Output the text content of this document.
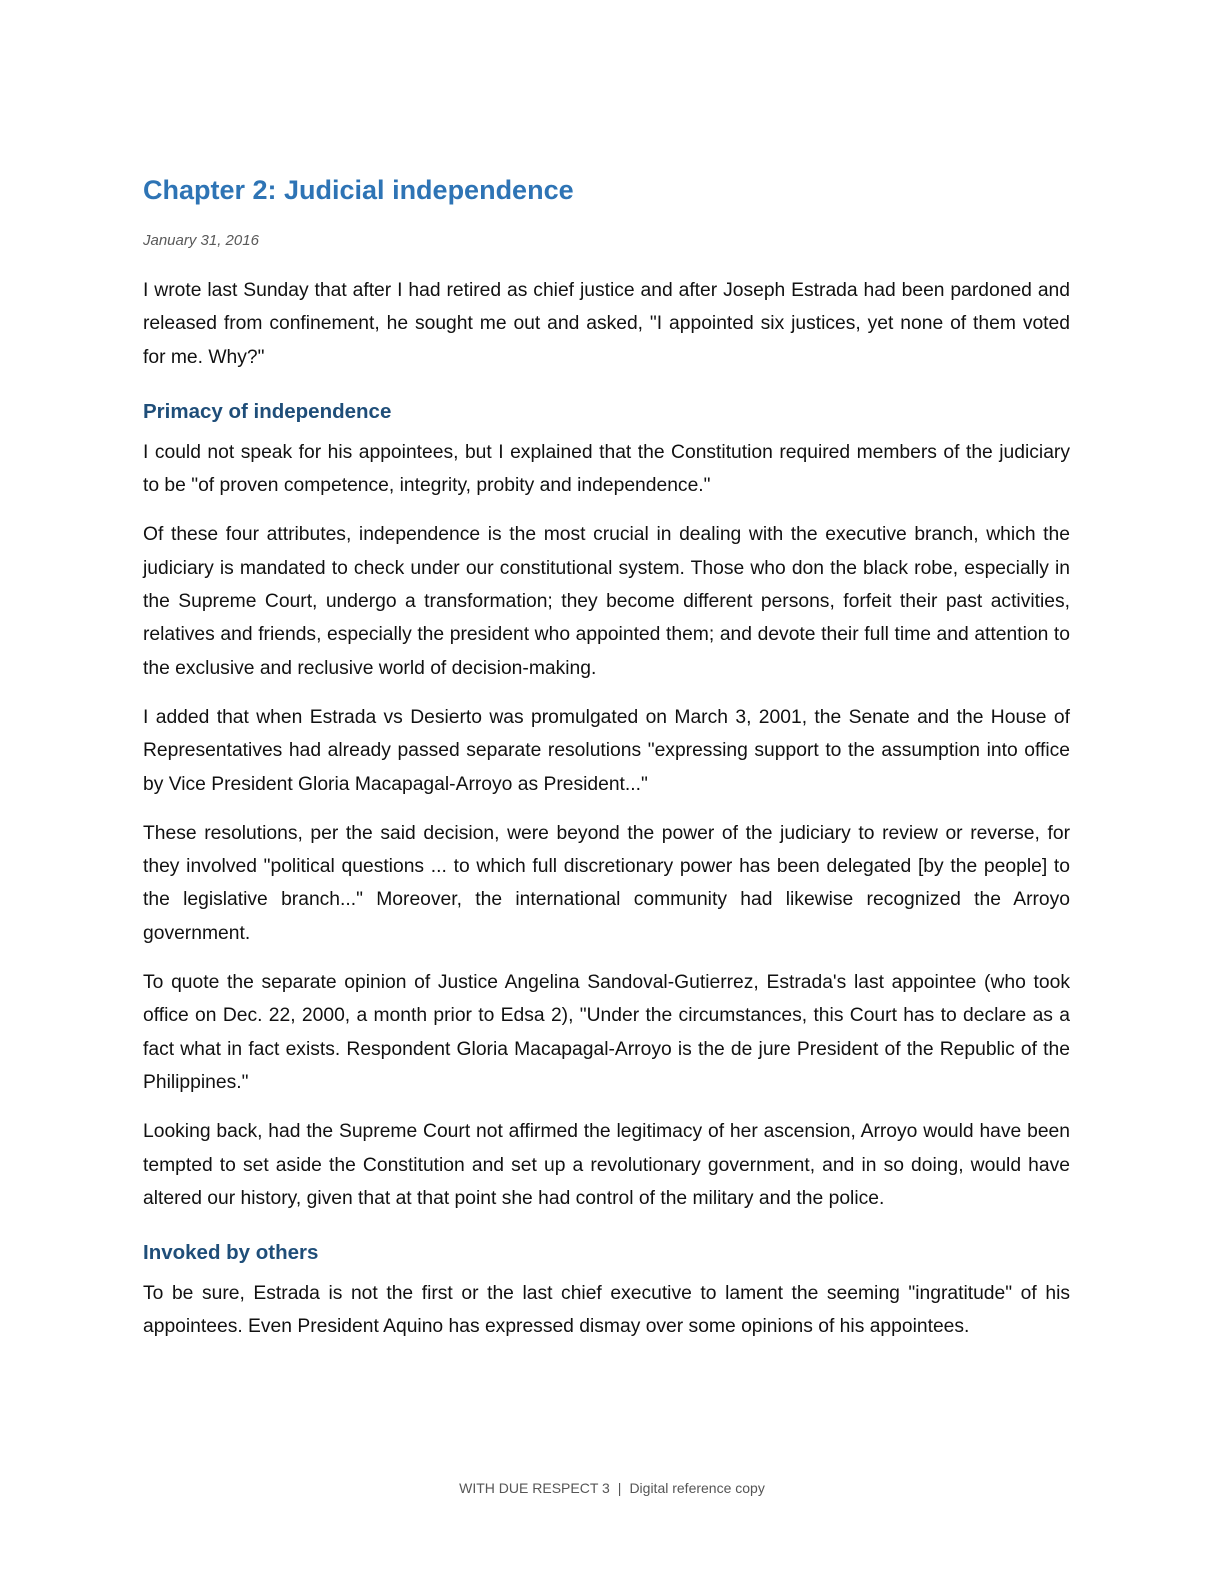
Chapter 2: Judicial independence

January 31, 2016

I wrote last Sunday that after I had retired as chief justice and after Joseph Estrada had been pardoned and released from confinement, he sought me out and asked, "I appointed six justices, yet none of them voted for me. Why?"

Primacy of independence

I could not speak for his appointees, but I explained that the Constitution required members of the judiciary to be "of proven competence, integrity, probity and independence."

Of these four attributes, independence is the most crucial in dealing with the executive branch, which the judiciary is mandated to check under our constitutional system. Those who don the black robe, especially in the Supreme Court, undergo a transformation; they become different persons, forfeit their past activities, relatives and friends, especially the president who appointed them; and devote their full time and attention to the exclusive and reclusive world of decision-making.

I added that when Estrada vs Desierto was promulgated on March 3, 2001, the Senate and the House of Representatives had already passed separate resolutions "expressing support to the assumption into office by Vice President Gloria Macapagal-Arroyo as President..."

These resolutions, per the said decision, were beyond the power of the judiciary to review or reverse, for they involved "political questions ... to which full discretionary power has been delegated [by the people] to the legislative branch..." Moreover, the international community had likewise recognized the Arroyo government.

To quote the separate opinion of Justice Angelina Sandoval-Gutierrez, Estrada's last appointee (who took office on Dec. 22, 2000, a month prior to Edsa 2), "Under the circumstances, this Court has to declare as a fact what in fact exists. Respondent Gloria Macapagal-Arroyo is the de jure President of the Republic of the Philippines."

Looking back, had the Supreme Court not affirmed the legitimacy of her ascension, Arroyo would have been tempted to set aside the Constitution and set up a revolutionary government, and in so doing, would have altered our history, given that at that point she had control of the military and the police.

Invoked by others

To be sure, Estrada is not the first or the last chief executive to lament the seeming "ingratitude" of his appointees. Even President Aquino has expressed dismay over some opinions of his appointees.

WITH DUE RESPECT 3 | Digital reference copy
